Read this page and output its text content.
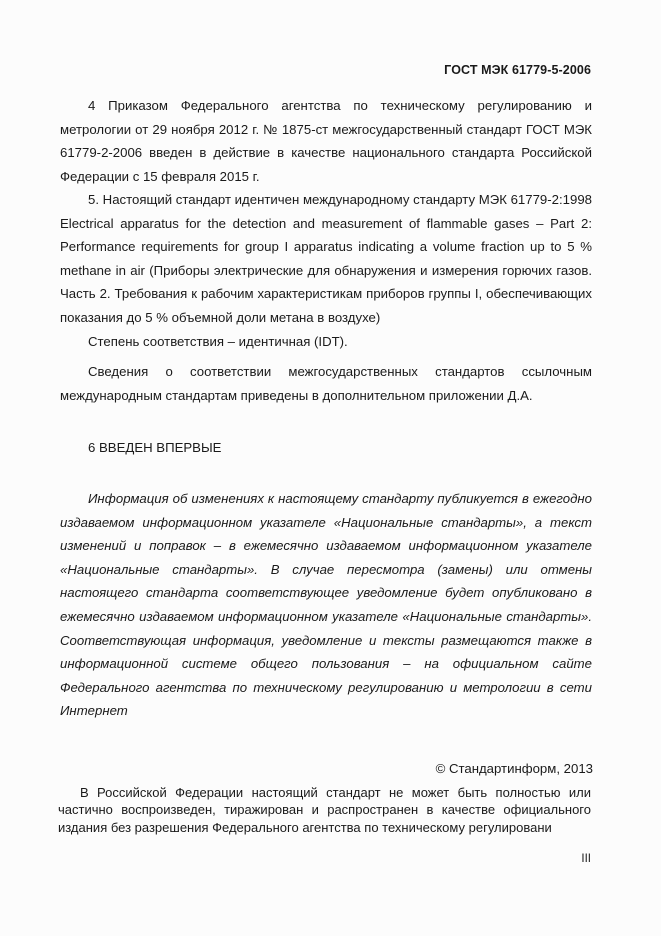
ГОСТ МЭК 61779-5-2006

4 Приказом Федерального агентства по техническому регулированию и метрологии от 29 ноября 2012 г. № 1875-ст межгосударственный стандарт ГОСТ МЭК 61779-2-2006 введен в действие в качестве национального стандарта Российской Федерации с 15 февраля 2015 г.

5. Настоящий стандарт идентичен международному стандарту МЭК 61779-2:1998 Electrical apparatus for the detection and measurement of flammable gases – Part 2: Performance requirements for group I apparatus indicating a volume fraction up to 5 % methane in air (Приборы электрические для обнаружения и измерения горючих газов. Часть 2. Требования к рабочим характеристикам приборов группы I, обеспечивающих показания до 5 % объемной доли метана в воздухе)

Степень соответствия – идентичная (IDT).

Сведения о соответствии межгосударственных стандартов ссылочным международным стандартам приведены в дополнительном приложении Д.А.

6 ВВЕДЕН ВПЕРВЫЕ

Информация об изменениях к настоящему стандарту публикуется в ежегодно издаваемом информационном указателе «Национальные стандарты», а текст изменений и поправок – в ежемесячно издаваемом информационном указателе «Национальные стандарты». В случае пересмотра (замены) или отмены настоящего стандарта соответствующее уведомление будет опубликовано в ежемесячно издаваемом информационном указателе «Национальные стандарты». Соответствующая информация, уведомление и тексты размещаются также в информационной системе общего пользования – на официальном сайте Федерального агентства по техническому регулированию и метрологии в сети Интернет

© Стандартинформ, 2013

В Российской Федерации настоящий стандарт не может быть полностью или частично воспроизведен, тиражирован и распространен в качестве официального издания без разрешения Федерального агентства по техническому регулировани

III
